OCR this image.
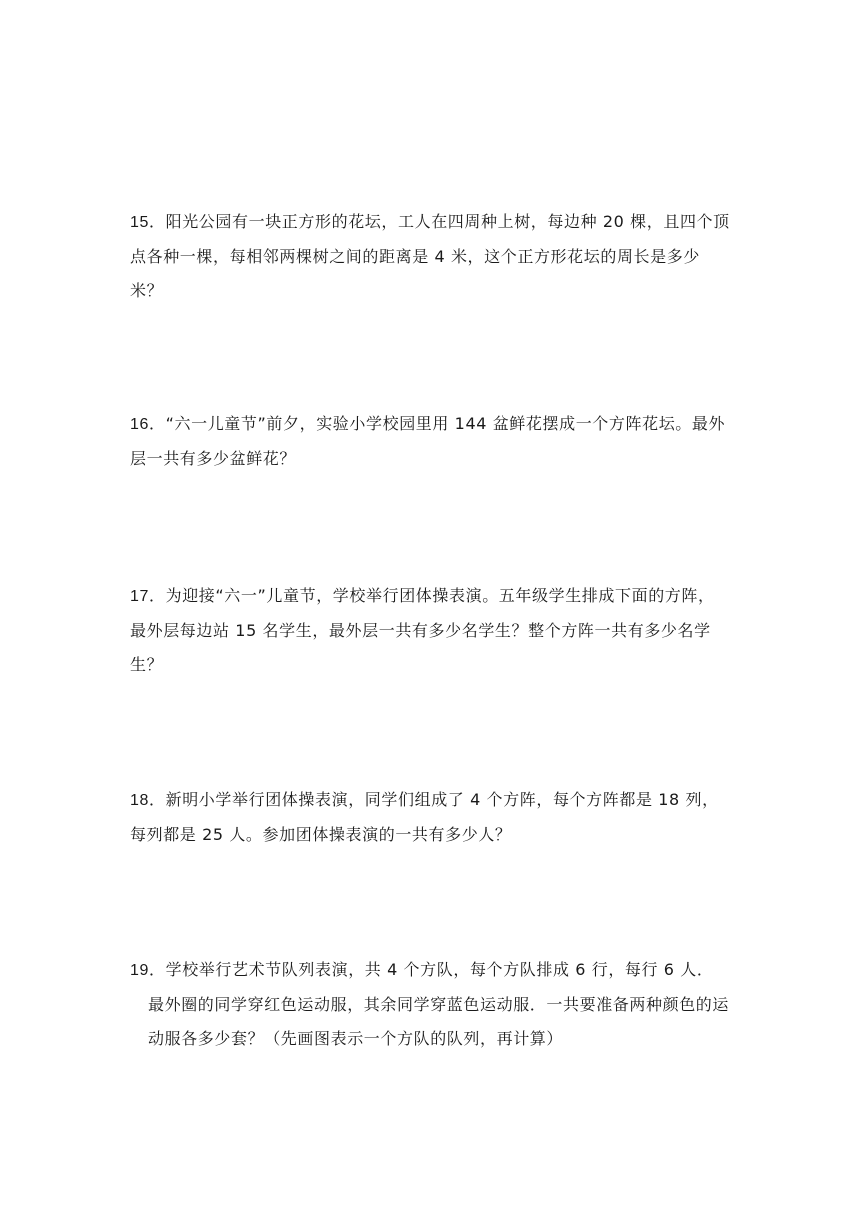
15．阳光公园有一块正方形的花坛，工人在四周种上树，每边种 20 棵，且四个顶点各种一棵，每相邻两棵树之间的距离是 4 米，这个正方形花坛的周长是多少米？
16．“六一儿童节”前夕，实验小学校园里用 144 盆鲜花摆成一个方阵花坛。最外层一共有多少盆鲜花？
17．为迎接“六一”儿童节，学校举行团体操表演。五年级学生排成下面的方阵，最外层每边站 15 名学生，最外层一共有多少名学生？整个方阵一共有多少名学生？
18．新明小学举行团体操表演，同学们组成了 4 个方阵，每个方阵都是 18 列，每列都是 25 人。参加团体操表演的一共有多少人？
19．学校举行艺术节队列表演，共 4 个方队，每个方队排成 6 行，每行 6 人．最外圈的同学穿红色运动服，其余同学穿蓝色运动服．一共要准备两种颜色的运动服各多少套？（先画图表示一个方队的队列，再计算）
